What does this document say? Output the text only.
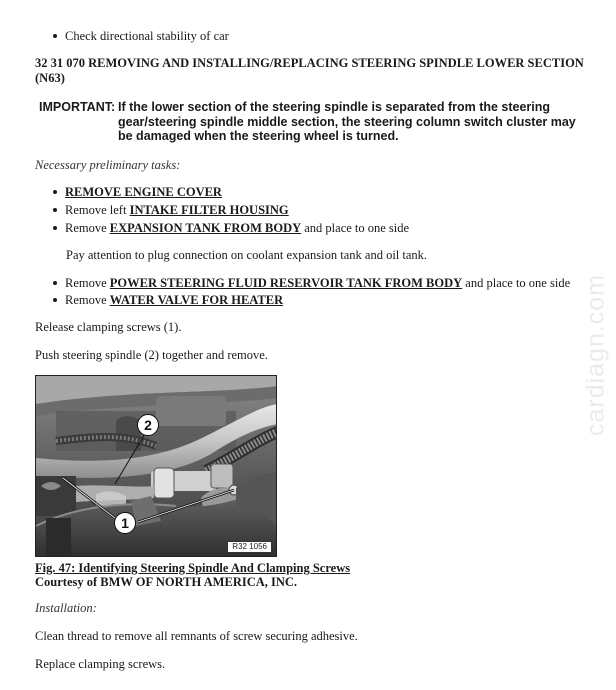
Check directional stability of car
32 31 070 REMOVING AND INSTALLING/REPLACING STEERING SPINDLE LOWER SECTION (N63)
IMPORTANT: If the lower section of the steering spindle is separated from the steering gear/steering spindle middle section, the steering column switch cluster may be damaged when the steering wheel is turned.
Necessary preliminary tasks:
REMOVE ENGINE COVER
Remove left INTAKE FILTER HOUSING
Remove EXPANSION TANK FROM BODY and place to one side
Pay attention to plug connection on coolant expansion tank and oil tank.
Remove POWER STEERING FLUID RESERVOIR TANK FROM BODY and place to one side
Remove WATER VALVE FOR HEATER
Release clamping screws (1).
Push steering spindle (2) together and remove.
2
1
R32 1056
Fig. 47: Identifying Steering Spindle And Clamping Screws
Courtesy of BMW OF NORTH AMERICA, INC.
Installation:
Clean thread to remove all remnants of screw securing adhesive.
Replace clamping screws.
cardiagn.com
